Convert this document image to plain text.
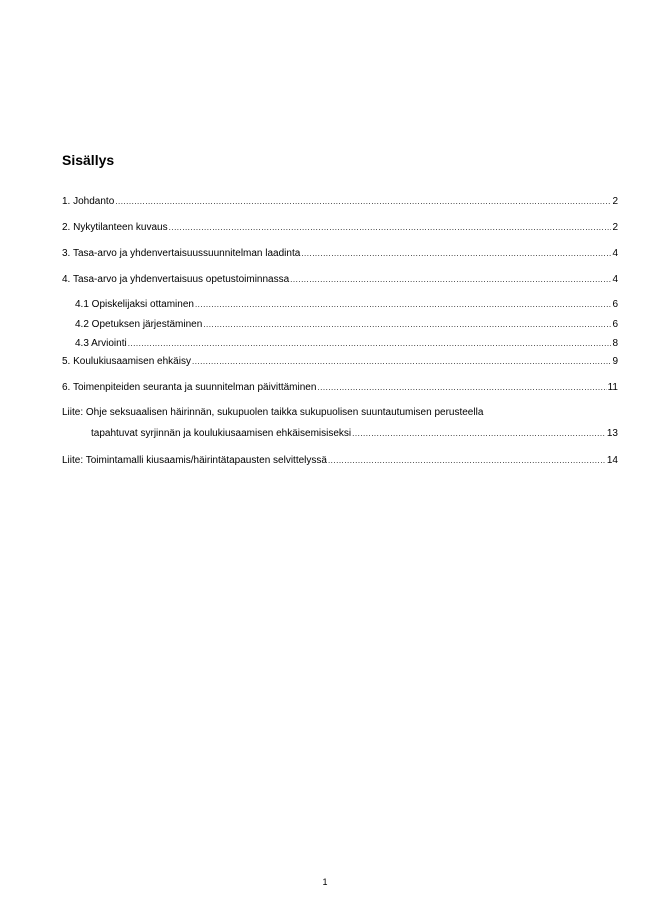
Sisällys
1. Johdanto .....	2
2. Nykytilanteen kuvaus .....	2
3. Tasa-arvo ja yhdenvertaisuussuunnitelman laadinta .....	4
4. Tasa-arvo ja yhdenvertaisuus opetustoiminnassa .....	4
4.1 Opiskelijaksi ottaminen .....	6
4.2 Opetuksen järjestäminen .....	6
4.3 Arviointi .....	8
5. Koulukiusaamisen ehkäisy .....	9
6. Toimenpiteiden seuranta ja suunnitelman päivittäminen .....	11
Liite: Ohje seksuaalisen häirinnän, sukupuolen taikka sukupuolisen suuntautumisen perusteella
tapahtuvat syrjinnän ja koulukiusaamisen ehkäisemisiseksi .....	13
Liite: Toimintamalli kiusaamis/häirintätapausten selvittelyssä .....	14
1
